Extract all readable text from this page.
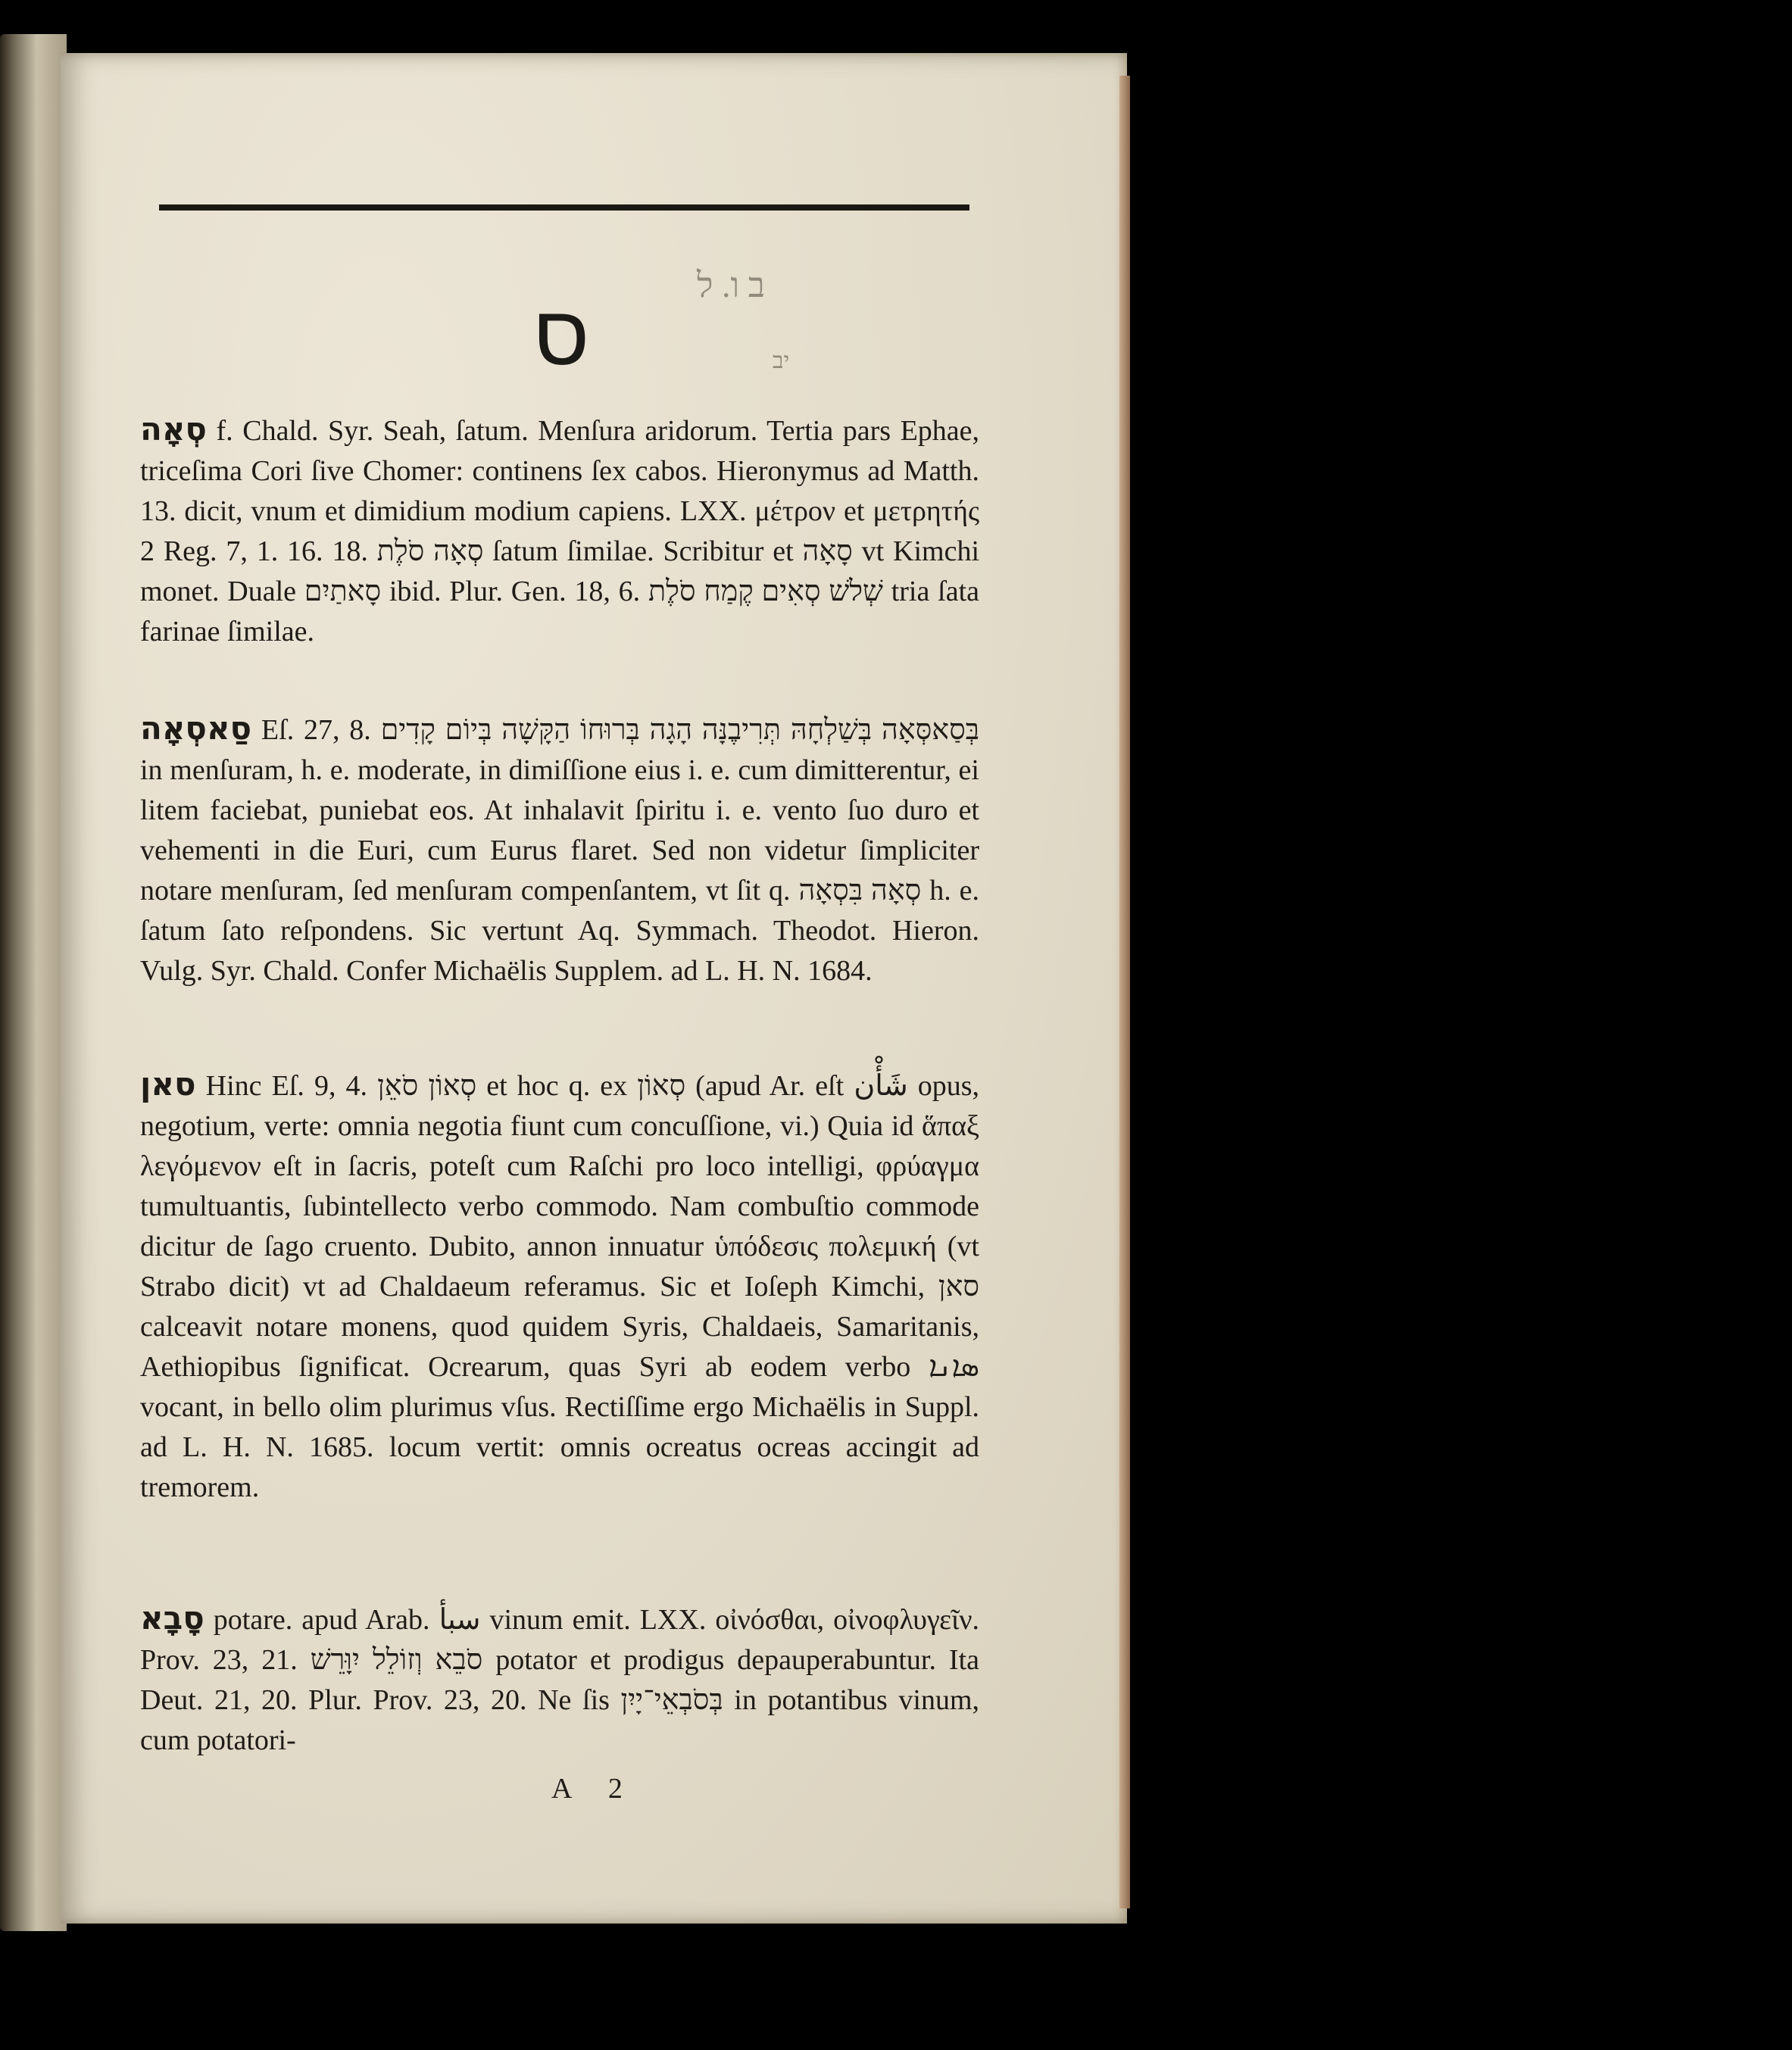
ב ו. ל
יב
ס

סְאָה f. Chald. Syr. Seah, ſatum. Menſura aridorum. Tertia pars Ephae, triceſima Cori ſive Chomer: continens ſex cabos. Hieronymus ad Matth. 13. dicit, vnum et dimidium modium capiens. LXX. μέτρον et μετρητής 2 Reg. 7, 1. 16. 18. סְאָה סֹלֶת ſatum ſimilae. Scribitur et סָאָה vt Kimchi monet. Duale סָאתַיִם ibid. Plur. Gen. 18, 6. שְׁלשׁ סְאִים קֶמַח סֹלֶת tria ſata farinae ſimilae.

סַאסְאָה Eſ. 27, 8. בְּסַאסְּאָה בְּשַׁלְחָהּ תְּרִיבֶנָּה הָגָה בְּרוּחוֹ הַקָּשָׁה בְּיוֹם קָדִים in menſuram, h. e. moderate, in dimiſſione eius i. e. cum dimitterentur, ei litem faciebat, puniebat eos. At inhalavit ſpiritu i. e. vento ſuo duro et vehementi in die Euri, cum Eurus flaret. Sed non videtur ſimpliciter notare menſuram, ſed menſuram compenſantem, vt ſit q. סְאָה בִּסְאָה h. e. ſatum ſato reſpondens. Sic vertunt Aq. Symmach. Theodot. Hieron. Vulg. Syr. Chald. Confer Michaëlis Supplem. ad L. H. N. 1684.

סאן Hinc Eſ. 9, 4. סְאוֹן סֹאֵן et hoc q. ex סְאוֹן (apud Ar. eſt شَأْن opus, negotium, verte: omnia negotia fiunt cum concuſſione, vi.) Quia id ἅπαξ λεγόμενον eſt in ſacris, poteſt cum Raſchi pro loco intelligi, φρύαγμα tumultuantis, ſubintellecto verbo commodo. Nam combuſtio commode dicitur de ſago cruento. Dubito, annon innuatur ὑπόδεσις πολεμική (vt Strabo dicit) vt ad Chaldaeum referamus. Sic et Ioſeph Kimchi, סאן calceavit notare monens, quod quidem Syris, Chaldaeis, Samaritanis, Aethiopibus ſignificat. Ocrearum, quas Syri ab eodem verbo ܣܐܢܐ vocant, in bello olim plurimus vſus. Rectiſſime ergo Michaëlis in Suppl. ad L. H. N. 1685. locum vertit: omnis ocreatus ocreas accingit ad tremorem.

סָבָא potare. apud Arab. سبأ vinum emit. LXX. οἰνόσθαι, οἰνοφλυγεῖν. Prov. 23, 21. סֹבֵא וְזוֹלֵל יִוָּרֵשׁ potator et prodigus depauperabuntur. Ita Deut. 21, 20. Plur. Prov. 23, 20. Ne ſis בְּסֹבְאֵי־יָיִן in potantibus vinum, cum potatori-

A 2
